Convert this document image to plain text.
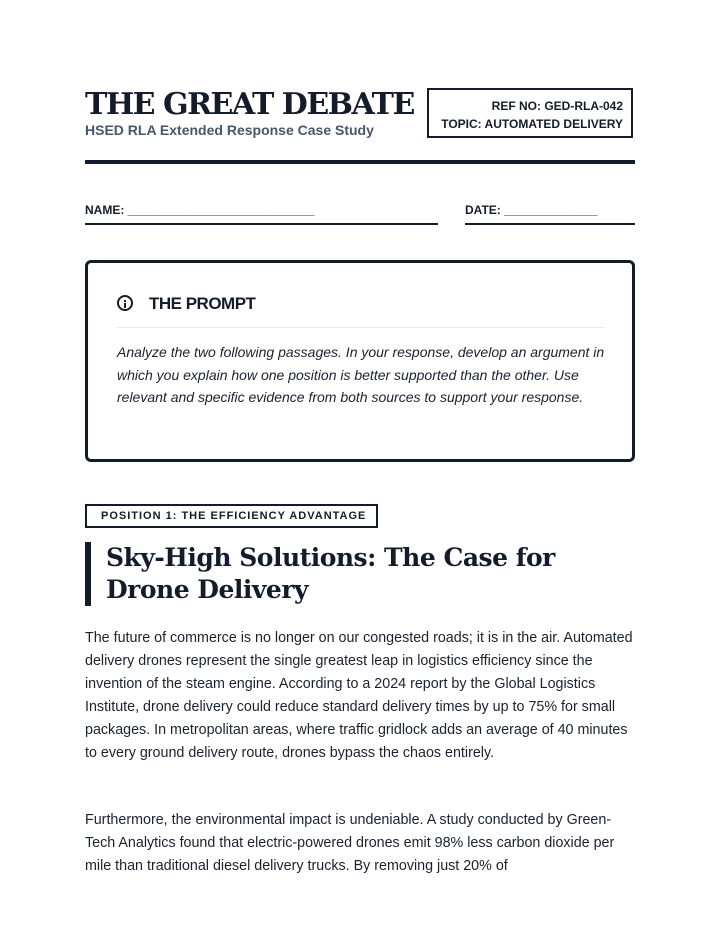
THE GREAT DEBATE
HSED RLA Extended Response Case Study
REF NO: GED-RLA-042
TOPIC: AUTOMATED DELIVERY
NAME: ____________________________	DATE: ______________
THE PROMPT
Analyze the two following passages. In your response, develop an argument in which you explain how one position is better supported than the other. Use relevant and specific evidence from both sources to support your response.
POSITION 1: THE EFFICIENCY ADVANTAGE
Sky-High Solutions: The Case for Drone Delivery
The future of commerce is no longer on our congested roads; it is in the air. Automated delivery drones represent the single greatest leap in logistics efficiency since the invention of the steam engine. According to a 2024 report by the Global Logistics Institute, drone delivery could reduce standard delivery times by up to 75% for small packages. In metropolitan areas, where traffic gridlock adds an average of 40 minutes to every ground delivery route, drones bypass the chaos entirely.
Furthermore, the environmental impact is undeniable. A study conducted by Green-Tech Analytics found that electric-powered drones emit 98% less carbon dioxide per mile than traditional diesel delivery trucks. By removing just 20% of
